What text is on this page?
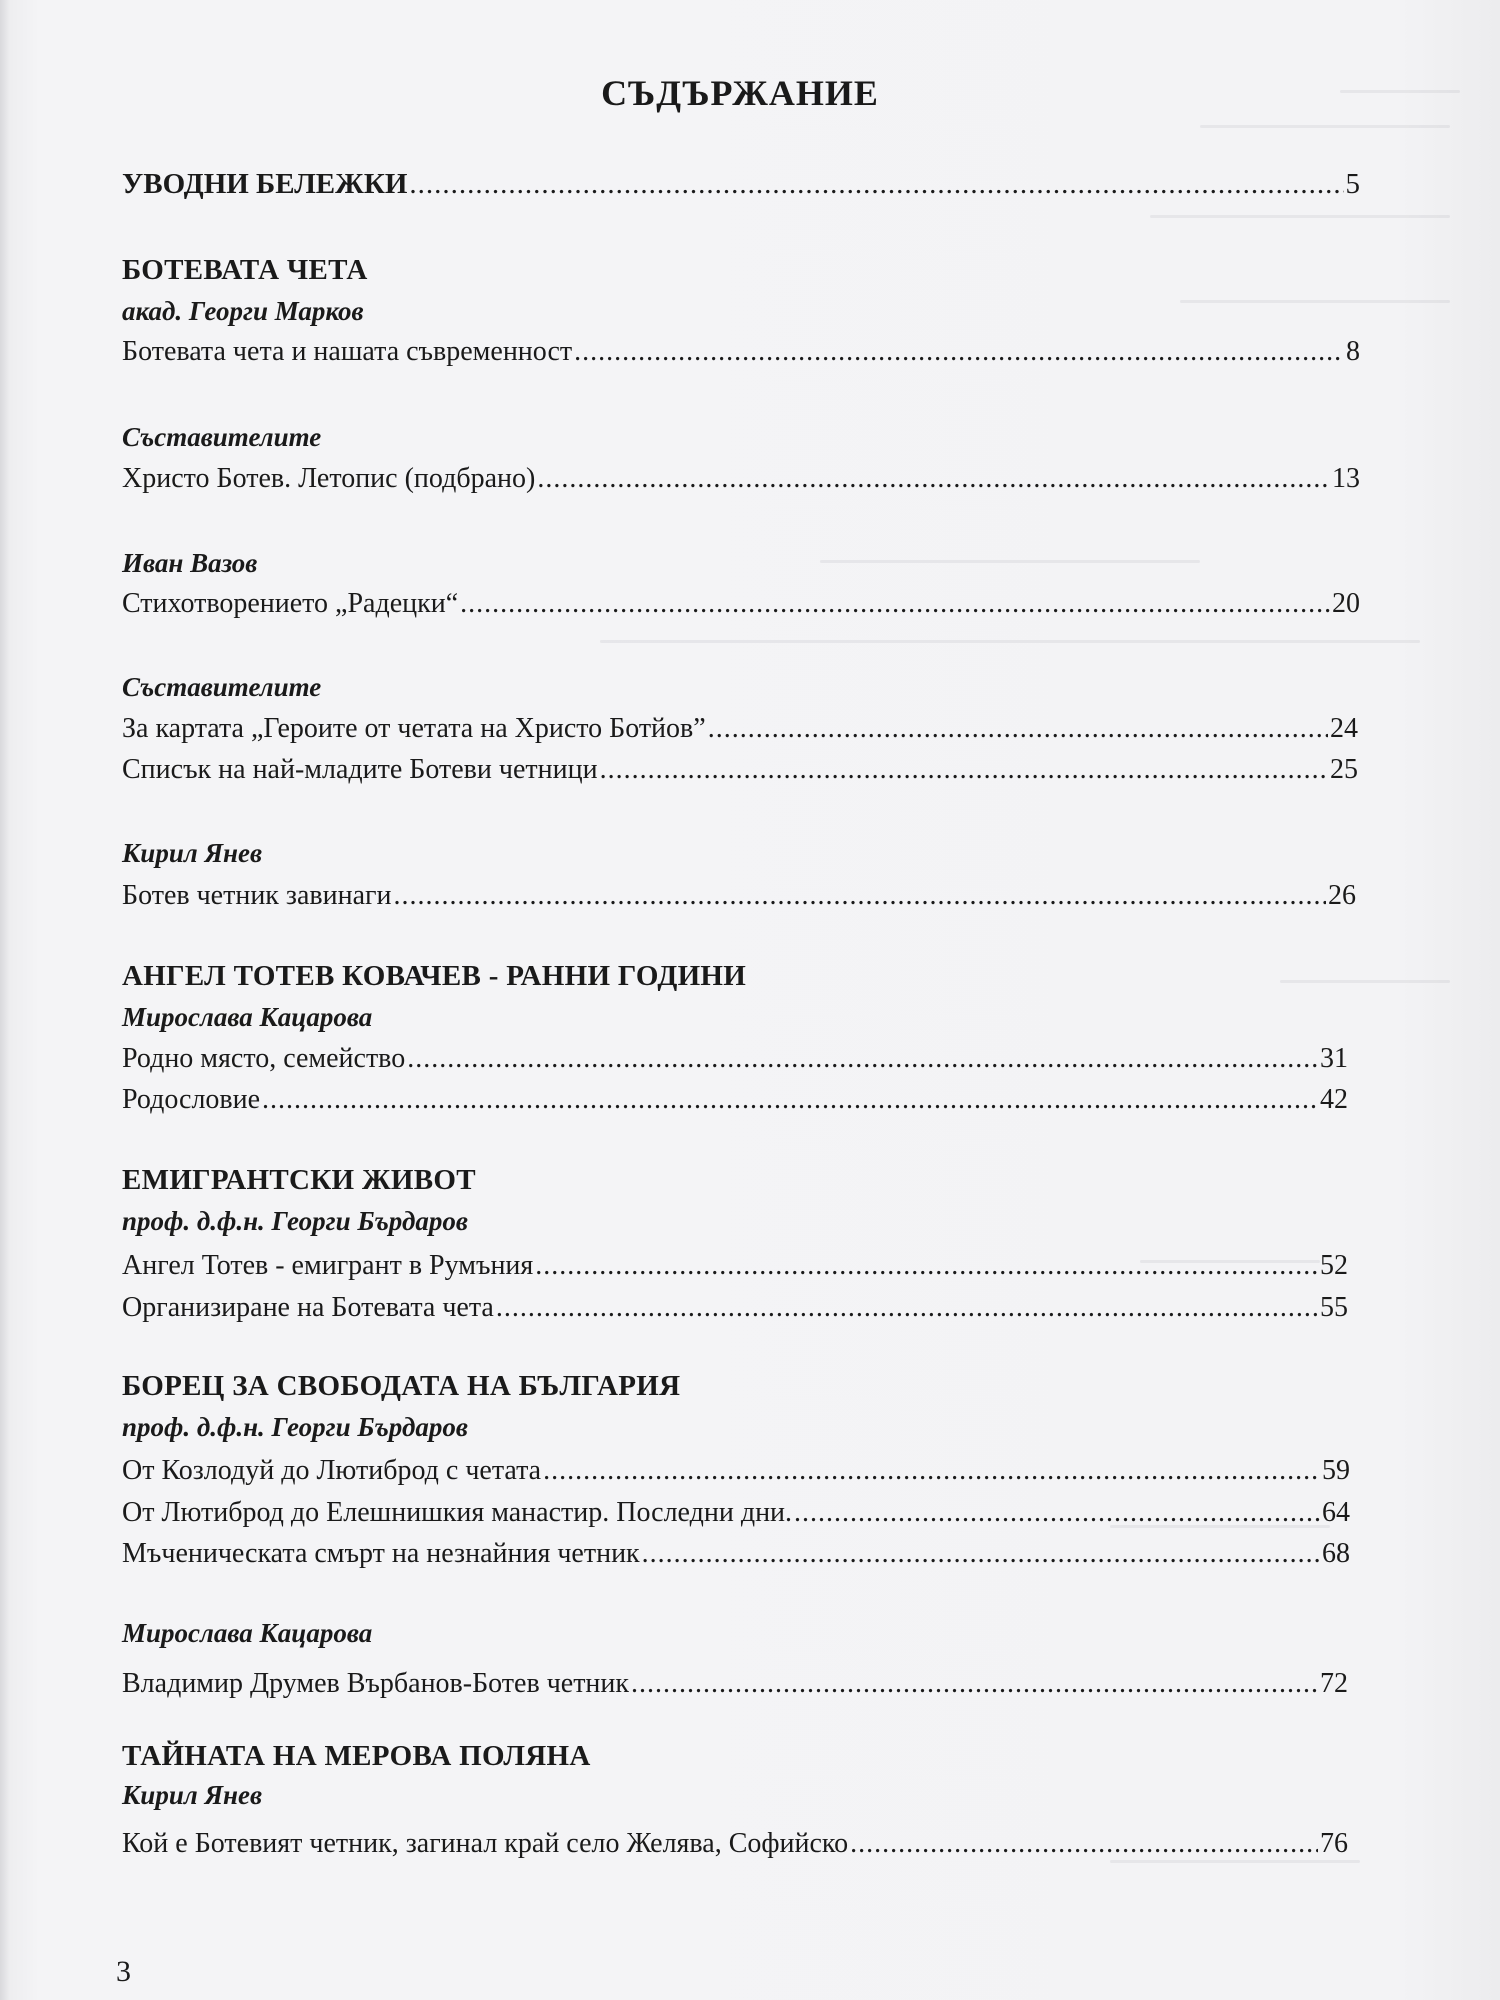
СЪДЪРЖАНИЕ
УВОДНИ БЕЛЕЖКИ .....	5
БОТЕВАТА ЧЕТА
акад. Георги Марков
Ботевата чета и нашата съвременност .....	8
Съставителите
Христо Ботев. Летопис (подбрано) .....	13
Иван Вазов
Стихотворението „Радецки“ .....	20
Съставителите
За картата „Героите от четата на Христо Ботйов” .....	24
Списък на най-младите Ботеви четници .....	25
Кирил Янев
Ботев четник завинаги .....	26
АНГЕЛ ТОТЕВ КОВАЧЕВ - РАННИ ГОДИНИ
Мирослава Кацарова
Родно място, семейство .....	31
Родословие .....	42
ЕМИГРАНТСКИ ЖИВОТ
проф. д.ф.н. Георги Бърдаров
Ангел Тотев - емигрант в Румъния .....	52
Организиране на Ботевата чета .....	55
БОРЕЦ ЗА СВОБОДАТА НА БЪЛГАРИЯ
проф. д.ф.н. Георги Бърдаров
От Козлодуй до Лютиброд с четата .....	59
От Лютиброд до Елешнишкия манастир. Последни дни. .....	64
Мъченическата смърт на незнайния четник .....	68
Мирослава Кацарова
Владимир Друмев Върбанов-Ботев четник .....	72
ТАЙНАТА НА МЕРОВА ПОЛЯНА
Кирил Янев
Кой е Ботевият четник, загинал край село Желява, Софийско .....	76
3
